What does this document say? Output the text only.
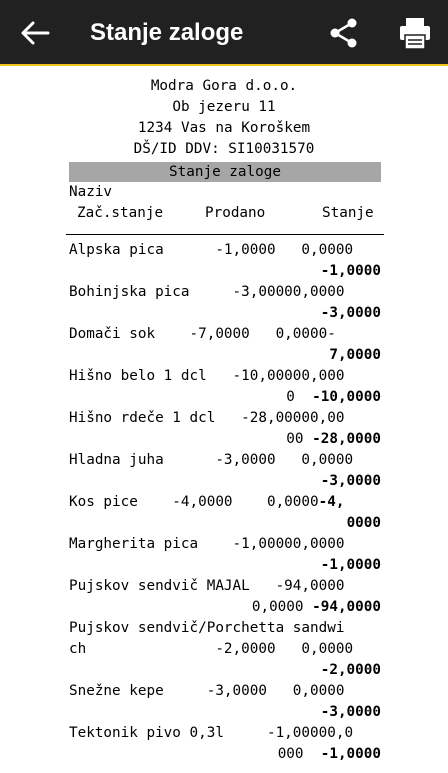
Stanje zaloge
Modra Gora d.o.o.
Ob jezeru 11
1234 Vas na Koroškem
DŠ/ID DDV: SI10031570
Stanje zaloge
Naziv
Zač.stanje	Prodano	Stanje
Alpska pica      -1,0000   0,0000
-1,0000
Bohinjska pica     -3,00000,0000
-3,0000
Domači sok    -7,0000   0,0000-
7,0000
Hišno belo 1 dcl   -10,00000,000
0  -10,0000
Hišno rdeče 1 dcl   -28,00000,00
00 -28,0000
Hladna juha      -3,0000   0,0000
-3,0000
Kos pice    -4,0000    0,0000-4,
0000
Margherita pica    -1,00000,0000
-1,0000
Pujskov sendvič MAJAL   -94,0000
0,0000 -94,0000
Pujskov sendvič/Porchetta sandwi
ch               -2,0000   0,0000
-2,0000
Snežne kepe     -3,0000   0,0000
-3,0000
Tektonik pivo 0,3l     -1,00000,0
000  -1,0000
